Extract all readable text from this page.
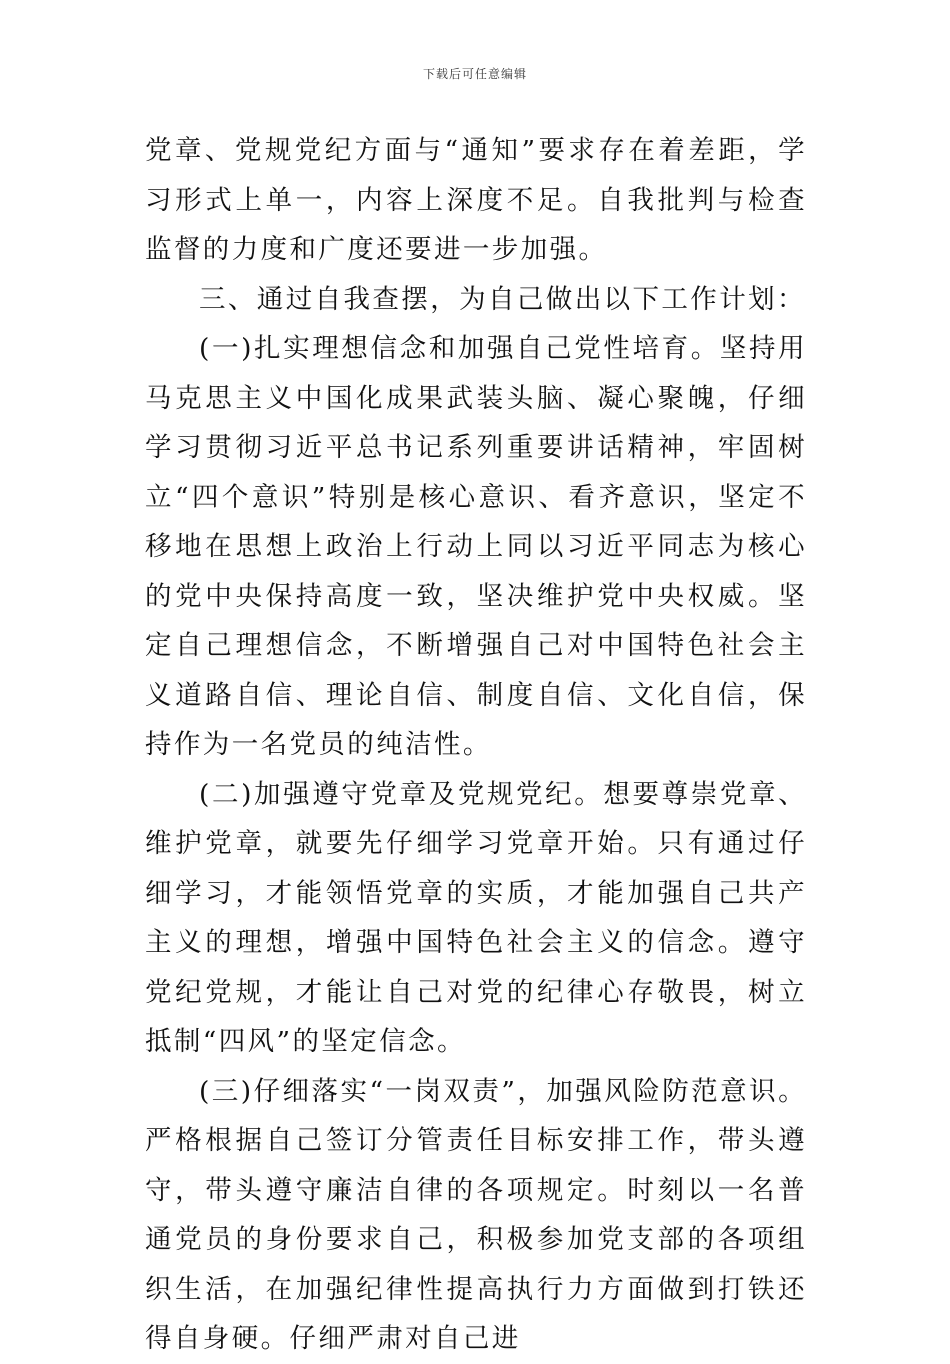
下载后可任意编辑

党章、党规党纪方面与“通知”要求存在着差距，学习形式上单一，内容上深度不足。自我批判与检查监督的力度和广度还要进一步加强。

三、通过自我查摆，为自己做出以下工作计划：

(一)扎实理想信念和加强自己党性培育。坚持用马克思主义中国化成果武装头脑、凝心聚魄，仔细学习贯彻习近平总书记系列重要讲话精神，牢固树立“四个意识”特别是核心意识、看齐意识，坚定不移地在思想上政治上行动上同以习近平同志为核心的党中央保持高度一致，坚决维护党中央权威。坚定自己理想信念，不断增强自己对中国特色社会主义道路自信、理论自信、制度自信、文化自信，保持作为一名党员的纯洁性。

(二)加强遵守党章及党规党纪。想要尊崇党章、维护党章，就要先仔细学习党章开始。只有通过仔细学习，才能领悟党章的实质，才能加强自己共产主义的理想，增强中国特色社会主义的信念。遵守党纪党规，才能让自己对党的纪律心存敬畏，树立抵制“四风”的坚定信念。

(三)仔细落实“一岗双责”，加强风险防范意识。严格根据自己签订分管责任目标安排工作，带头遵守，带头遵守廉洁自律的各项规定。时刻以一名普通党员的身份要求自己，积极参加党支部的各项组织生活，在加强纪律性提高执行力方面做到打铁还得自身硬。仔细严肃对自己进
